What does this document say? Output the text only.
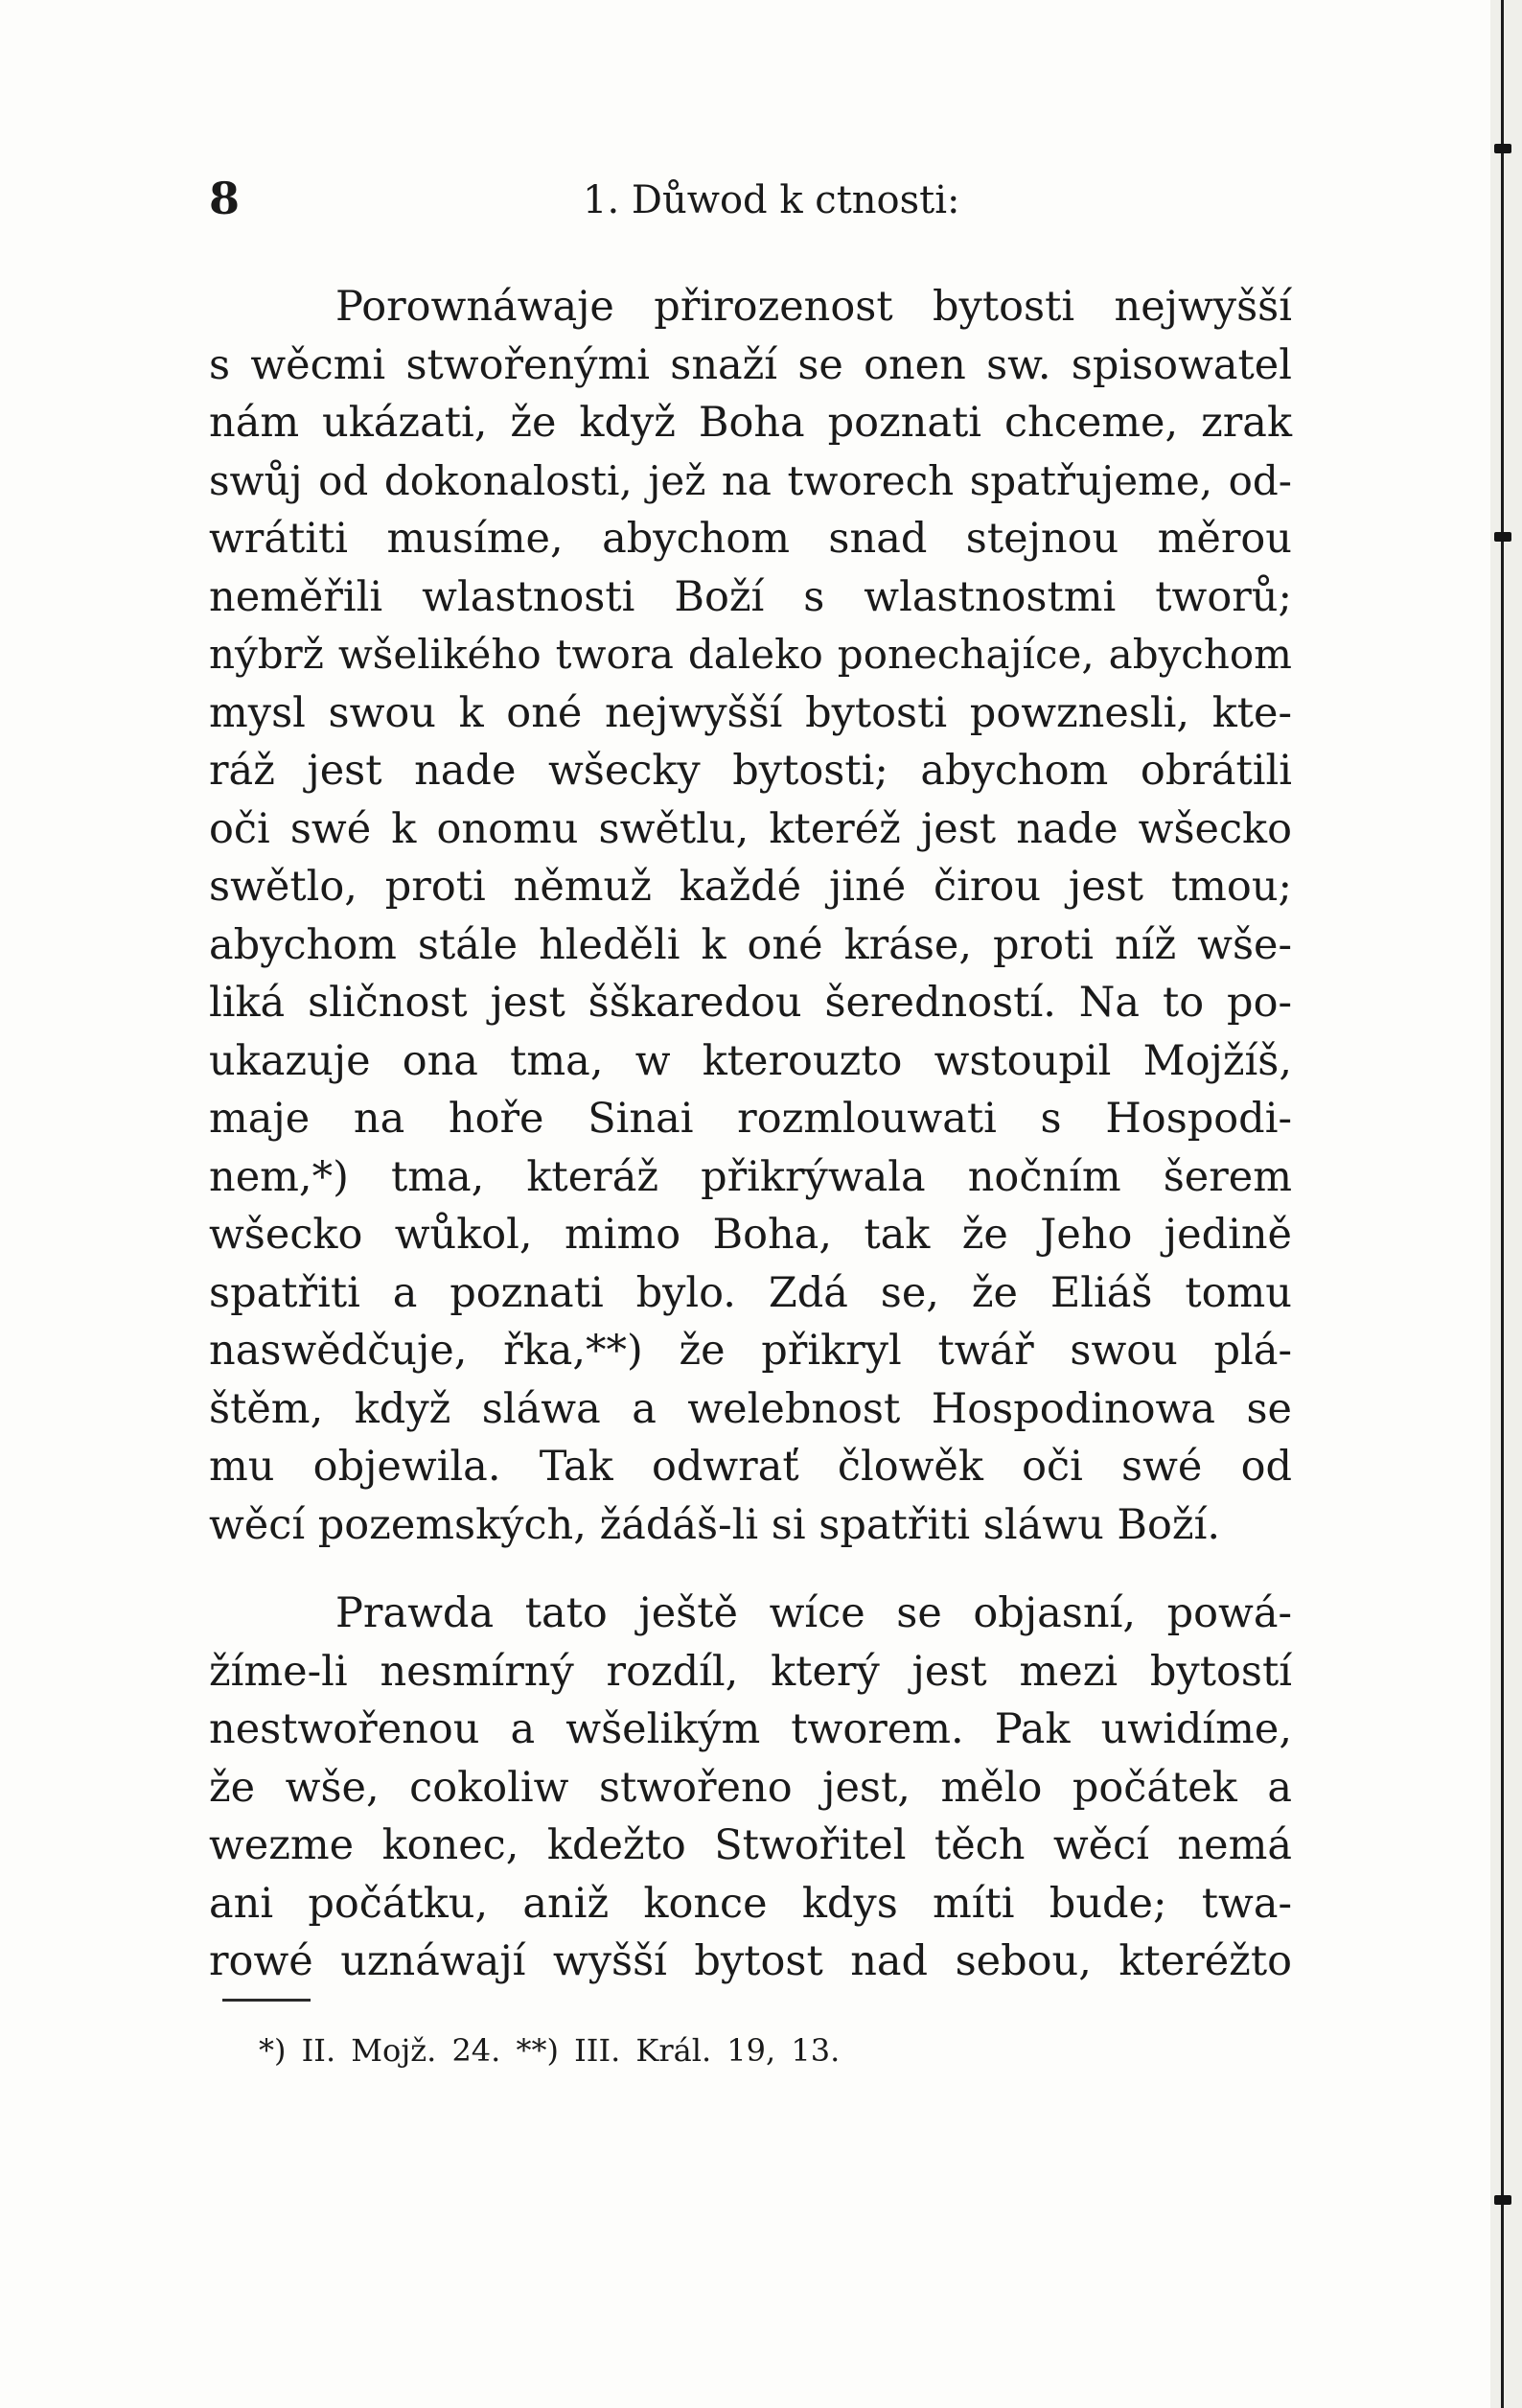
8	1. Důwod k ctnosti:
Porownáwaje přirozenost bytosti nejwyšší
s wěcmi stwořenými snaží se onen sw. spisowatel
nám ukázati, že když Boha poznati chceme, zrak
swůj od dokonalosti, jež na tworech spatřujeme, od-
wrátiti musíme, abychom snad stejnou měrou
neměřili wlastnosti Boží s wlastnostmi tworů;
nýbrž wšelikého twora daleko ponechajíce, abychom
mysl swou k oné nejwyšší bytosti powznesli, kte-
ráž jest nade wšecky bytosti; abychom obrátili
oči swé k onomu swětlu, kteréž jest nade wšecko
swětlo, proti němuž každé jiné čirou jest tmou;
abychom stále hleděli k oné kráse, proti níž wše-
liká sličnost jest šškaredou šeredností. Na to po-
ukazuje ona tma, w kterouzto wstoupil Mojžíš,
maje na hoře Sinai rozmlouwati s Hospodi-
nem,*) tma, kteráž přikrýwala nočním šerem
wšecko wůkol, mimo Boha, tak že Jeho jedině
spatřiti a poznati bylo. Zdá se, že Eliáš tomu
naswědčuje, řka,**) že přikryl twář swou plá-
štěm, když sláwa a welebnost Hospodinowa se
mu objewila. Tak odwrať člowěk oči swé od
wěcí pozemských, žádáš-li si spatřiti sláwu Boží.
Prawda tato ještě wíce se objasní, powá-
žíme-li nesmírný rozdíl, který jest mezi bytostí
nestwořenou a wšelikým tworem. Pak uwidíme,
že wše, cokoliw stwořeno jest, mělo počátek a
wezme konec, kdežto Stwořitel těch wěcí nemá
ani počátku, aniž konce kdys míti bude; twa-
rowé uznáwají wyšší bytost nad sebou, kteréžto
*) II. Mojž. 24. **) III. Král. 19, 13.
